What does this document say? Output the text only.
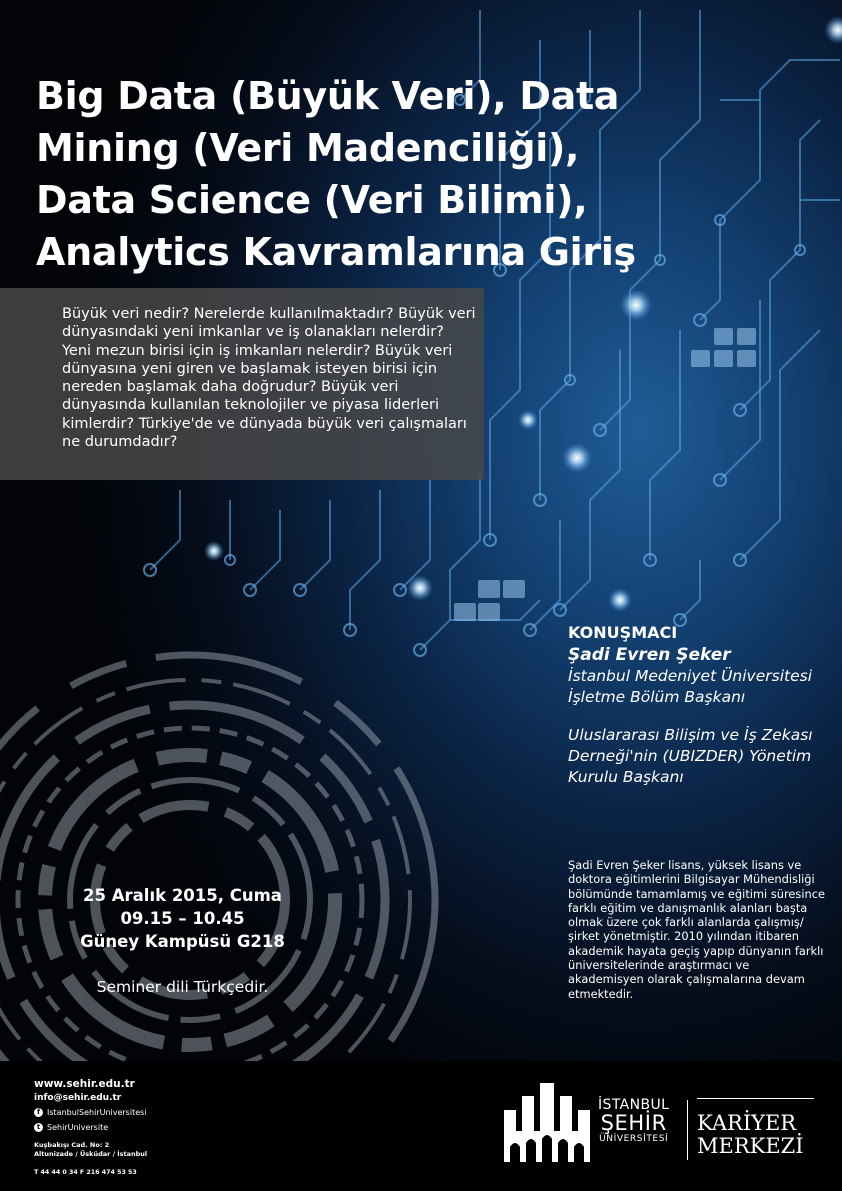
Big Data (Büyük Veri), Data
Mining (Veri Madenciliği),
Data Science (Veri Bilimi),
Analytics Kavramlarına Giriş

Büyük veri nedir? Nerelerde kullanılmaktadır? Büyük veri dünyasındaki yeni imkanlar ve iş olanakları nelerdir? Yeni mezun birisi için iş imkanları nelerdir? Büyük veri dünyasına yeni giren ve başlamak isteyen birisi için nereden başlamak daha doğrudur? Büyük veri dünyasında kullanılan teknolojiler ve piyasa liderleri kimlerdir? Türkiye'de ve dünyada büyük veri çalışmaları ne durumdadır?

KONUŞMACI
Şadi Evren Şeker
İstanbul Medeniyet Üniversitesi İşletme Bölüm Başkanı
Uluslararası Bilişim ve İş Zekası Derneği'nin (UBIZDER) Yönetim Kurulu Başkanı

Şadi Evren Şeker lisans, yüksek lisans ve doktora eğitimlerini Bilgisayar Mühendisliği bölümünde tamamlamış ve eğitimi süresince farklı eğitim ve danışmanlık alanları başta olmak üzere çok farklı alanlarda çalışmış/şirket yönetmiştir. 2010 yılından itibaren akademik hayata geçiş yapıp dünyanın farklı üniversitelerinde araştırmacı ve akademisyen olarak çalışmalarına devam etmektedir.

25 Aralık 2015, Cuma
09.15 – 10.45
Güney Kampüsü G218
Seminer dili Türkçedir.
www.sehir.edu.tr
info@sehir.edu.tr
f IstanbulSehirUniversitesi
t SehirUniversite
Kuşbakışı Cad. No: 2
Altunizade / Üsküdar / İstanbul
T 44 44 0 34 F 216 474 53 53
İSTANBUL
ŞEHİR
ÜNİVERSİTESİ
KARİYER
MERKEZİ
